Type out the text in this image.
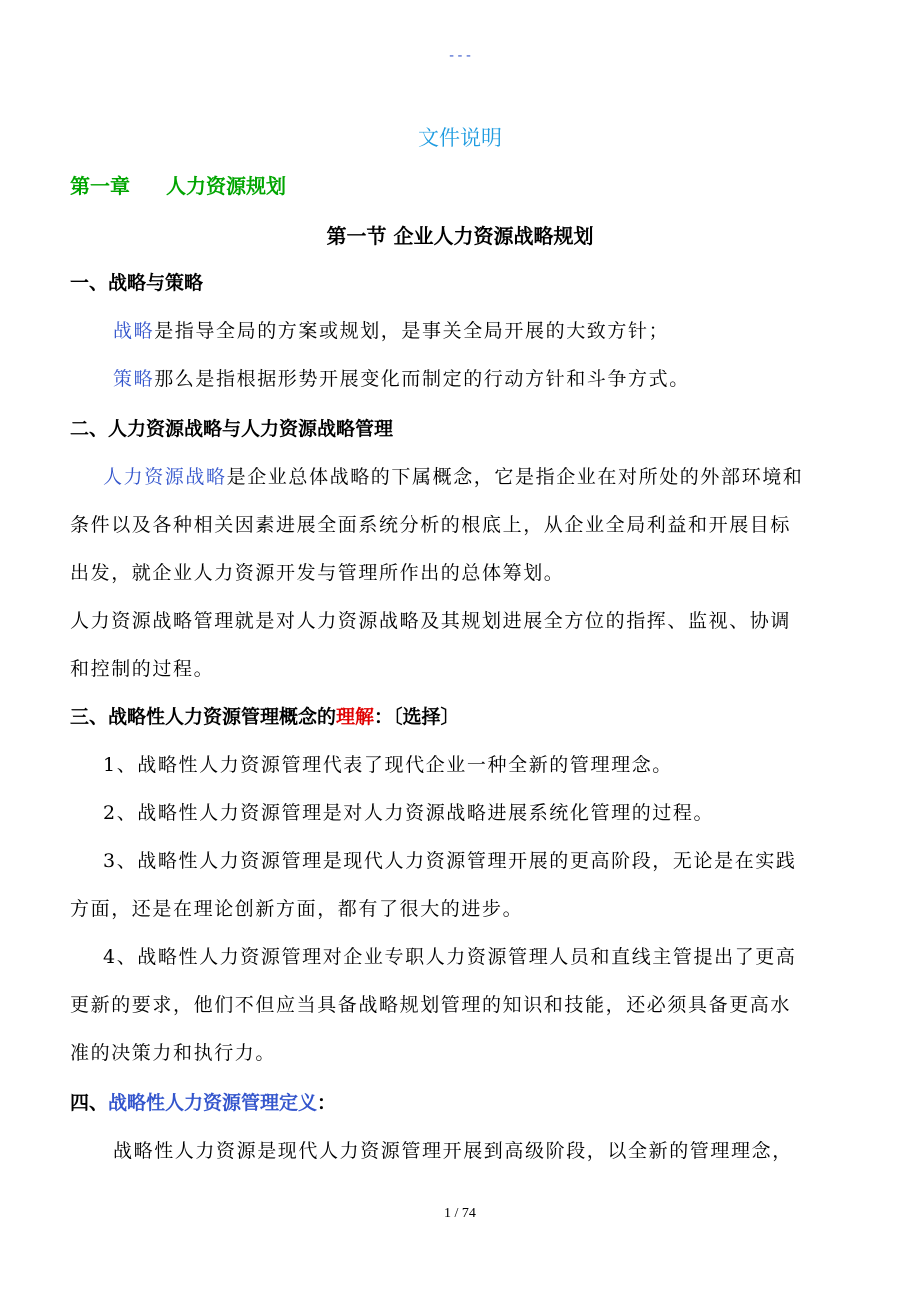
---
文件说明
第一章 人力资源规划
第一节 企业人力资源战略规划
一、战略与策略
战略是指导全局的方案或规划，是事关全局开展的大致方针；
策略那么是指根据形势开展变化而制定的行动方针和斗争方式。
二、人力资源战略与人力资源战略管理
人力资源战略是企业总体战略的下属概念，它是指企业在对所处的外部环境和
条件以及各种相关因素进展全面系统分析的根底上，从企业全局利益和开展目标
出发，就企业人力资源开发与管理所作出的总体筹划。
人力资源战略管理就是对人力资源战略及其规划进展全方位的指挥、监视、协调
和控制的过程。
三、战略性人力资源管理概念的理解：〔选择〕
1、战略性人力资源管理代表了现代企业一种全新的管理理念。
2、战略性人力资源管理是对人力资源战略进展系统化管理的过程。
3、战略性人力资源管理是现代人力资源管理开展的更高阶段，无论是在实践
方面，还是在理论创新方面，都有了很大的进步。
4、战略性人力资源管理对企业专职人力资源管理人员和直线主管提出了更高
更新的要求，他们不但应当具备战略规划管理的知识和技能，还必须具备更高水
准的决策力和执行力。
四、战略性人力资源管理定义：
战略性人力资源是现代人力资源管理开展到高级阶段，以全新的管理理念，
1 / 74
